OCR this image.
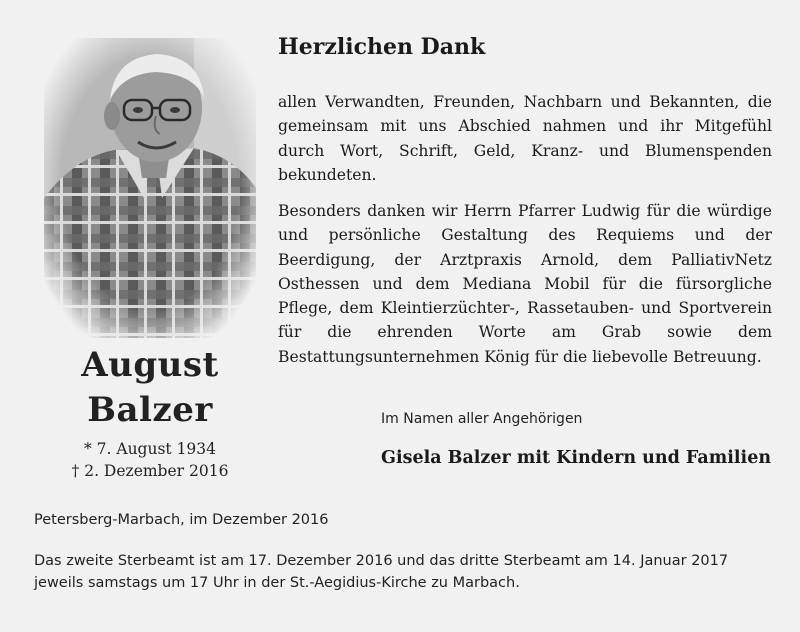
August
Balzer
* 7. August 1934
† 2. Dezember 2016
Herzlichen Dank

allen Verwandten, Freunden, Nachbarn und Bekannten, die gemeinsam mit uns Abschied nahmen und ihr Mitgefühl durch Wort, Schrift, Geld, Kranz- und Blumenspenden bekundeten.

Besonders danken wir Herrn Pfarrer Ludwig für die würdige und persönliche Gestaltung des Requiems und der Beerdigung, der Arztpraxis Arnold, dem PalliativNetz Osthessen und dem Mediana Mobil für die fürsorgliche Pflege, dem Kleintierzüchter-, Rassetauben- und Sportverein für die ehrenden Worte am Grab sowie dem Bestattungsunternehmen König für die liebevolle Betreuung.

Im Namen aller Angehörigen
Gisela Balzer mit Kindern und Familien
Petersberg-Marbach, im Dezember 2016

Das zweite Sterbeamt ist am 17. Dezember 2016 und das dritte Sterbeamt am 14. Januar 2017 jeweils samstags um 17 Uhr in der St.-Aegidius-Kirche zu Marbach.
